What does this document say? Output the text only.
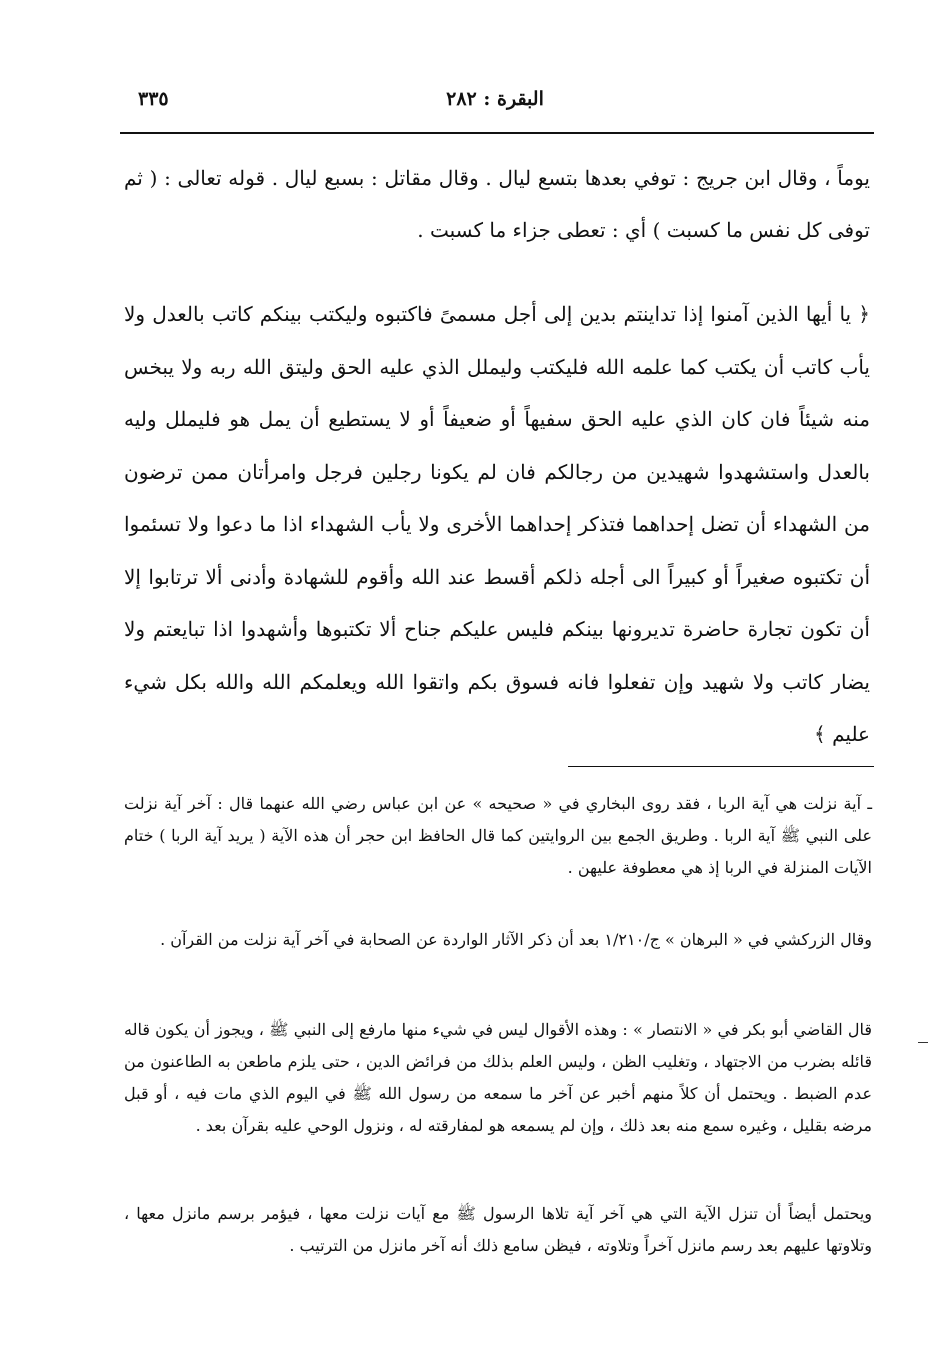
البقرة : ٢٨٢
٣٣٥

يوماً ، وقال ابن جريج : توفي بعدها بتسع ليال . وقال مقاتل : بسبع ليال . قوله تعالى : ( ثم توفى كل نفس ما كسبت ) أي : تعطى جزاء ما كسبت .

﴿ يا أيها الذين آمنوا إذا تداينتم بدين إلى أجل مسمىً فاكتبوه وليكتب بينكم كاتب بالعدل ولا يأب كاتب أن يكتب كما علمه الله فليكتب وليملل الذي عليه الحق وليتق الله ربه ولا يبخس منه شيئاً فان كان الذي عليه الحق سفيهاً أو ضعيفاً أو لا يستطيع أن يمل هو فليملل وليه بالعدل واستشهدوا شهيدين من رجالكم فان لم يكونا رجلين فرجل وامرأتان ممن ترضون من الشهداء أن تضل إحداهما فتذكر إحداهما الأخرى ولا يأب الشهداء اذا ما دعوا ولا تسئموا أن تكتبوه صغيراً أو كبيراً الى أجله ذلكم أقسط عند الله وأقوم للشهادة وأدنى ألا ترتابوا إلا أن تكون تجارة حاضرة تديرونها بينكم فليس عليكم جناح ألا تكتبوها وأشهدوا اذا تبايعتم ولا يضار كاتب ولا شهيد وإن تفعلوا فانه فسوق بكم واتقوا الله ويعلمكم الله والله بكل شيء عليم ﴾

ـ آية نزلت هي آية الربا ، فقد روى البخاري في « صحيحه » عن ابن عباس رضي الله عنهما قال : آخر آية نزلت على النبي ﷺ آية الربا . وطريق الجمع بين الروايتين كما قال الحافظ ابن حجر أن هذه الآية ( يريد آية الربا ) ختام الآيات المنزلة في الربا إذ هي معطوفة عليهن .

وقال الزركشي في « البرهان » ج/١/٢١٠ بعد أن ذكر الآثار الواردة عن الصحابة في آخر آية نزلت من القرآن .

قال القاضي أبو بكر في « الانتصار » : وهذه الأقوال ليس في شيء منها مارفع إلى النبي ﷺ ، ويجوز أن يكون قاله قائله بضرب من الاجتهاد ، وتغليب الظن ، وليس العلم بذلك من فرائض الدين ، حتى يلزم ماطعن به الطاعنون من عدم الضبط . ويحتمل أن كلاً منهم أخبر عن آخر ما سمعه من رسول الله ﷺ في اليوم الذي مات فيه ، أو قبل مرضه بقليل ، وغيره سمع منه بعد ذلك ، وإن لم يسمعه هو لمفارقته له ، ونزول الوحي عليه بقرآن بعد .

ويحتمل أيضاً أن تنزل الآية التي هي آخر آية تلاها الرسول ﷺ مع آيات نزلت معها ، فيؤمر برسم مانزل معها ، وتلاوتها عليهم بعد رسم مانزل آخراً وتلاوته ، فيظن سامع ذلك أنه آخر مانزل من الترتيب .
